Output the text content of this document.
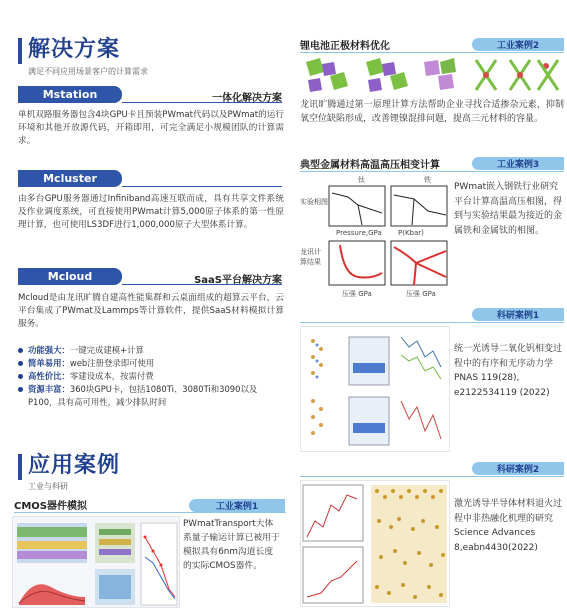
解决方案
满足不同应用场景客户的计算需求
Mstation	一体化解决方案
单机双路服务器包含4块GPU卡且预装PWmat代码以及PWmat的运行环境和其他开放源代码，开箱即用，可完全满足小规模团队的计算需求。
Mcluster
由多台GPU服务器通过Infiniband高速互联而成，具有共享文件系统及作业调度系统，可直接使用PWmat计算5,000原子体系的第一性原理计算，也可使用LS3DF进行1,000,000原子大型体系计算。
Mcloud	SaaS平台解决方案
Mcloud是由龙讯旷腾自建高性能集群和云桌面组成的超算云平台，云平台集成了PWmat及Lammps等计算软件，提供SaaS材料模拟计算服务。
功能强大：一键完成建模+计算
简单易用：web注册登录即可使用
高性价比：零建设成本，按需付费
资源丰富：360块GPU卡，包括1080Ti、3080Ti和3090以及P100，具有高可用性，减少排队时间
应用案例
工业与科研
CMOS器件模拟	工业案例1
PWmatTransport大体系量子输运计算已被用于模拟具有6nm沟道长度的实际CMOS器件。
锂电池正极材料优化	工业案例2
龙讯旷腾通过第一原理计算方法帮助企业寻找合适掺杂元素，抑制氧空位缺陷形成，改善锂镍混排问题，提高三元材料的容量。
典型金属材料高温高压相变计算	工业案例3
钛	铁
实验相图
龙讯计算结果
Pressure,GPa P(Kbar)
压强 GPa	压强 GPa
PWmat嵌入钢铁行业研究平台计算高温高压相图，得到与实验结果最为接近的金属铁和金属钛的相图。
科研案例1
统一光诱导二氧化钒相变过程中的有序和无序动力学 PNAS 119(28), e2122534119 (2022)
科研案例2
激光诱导半导体材料退火过程中非热融化机理的研究 Science Advances 8,eabn4430(2022)
